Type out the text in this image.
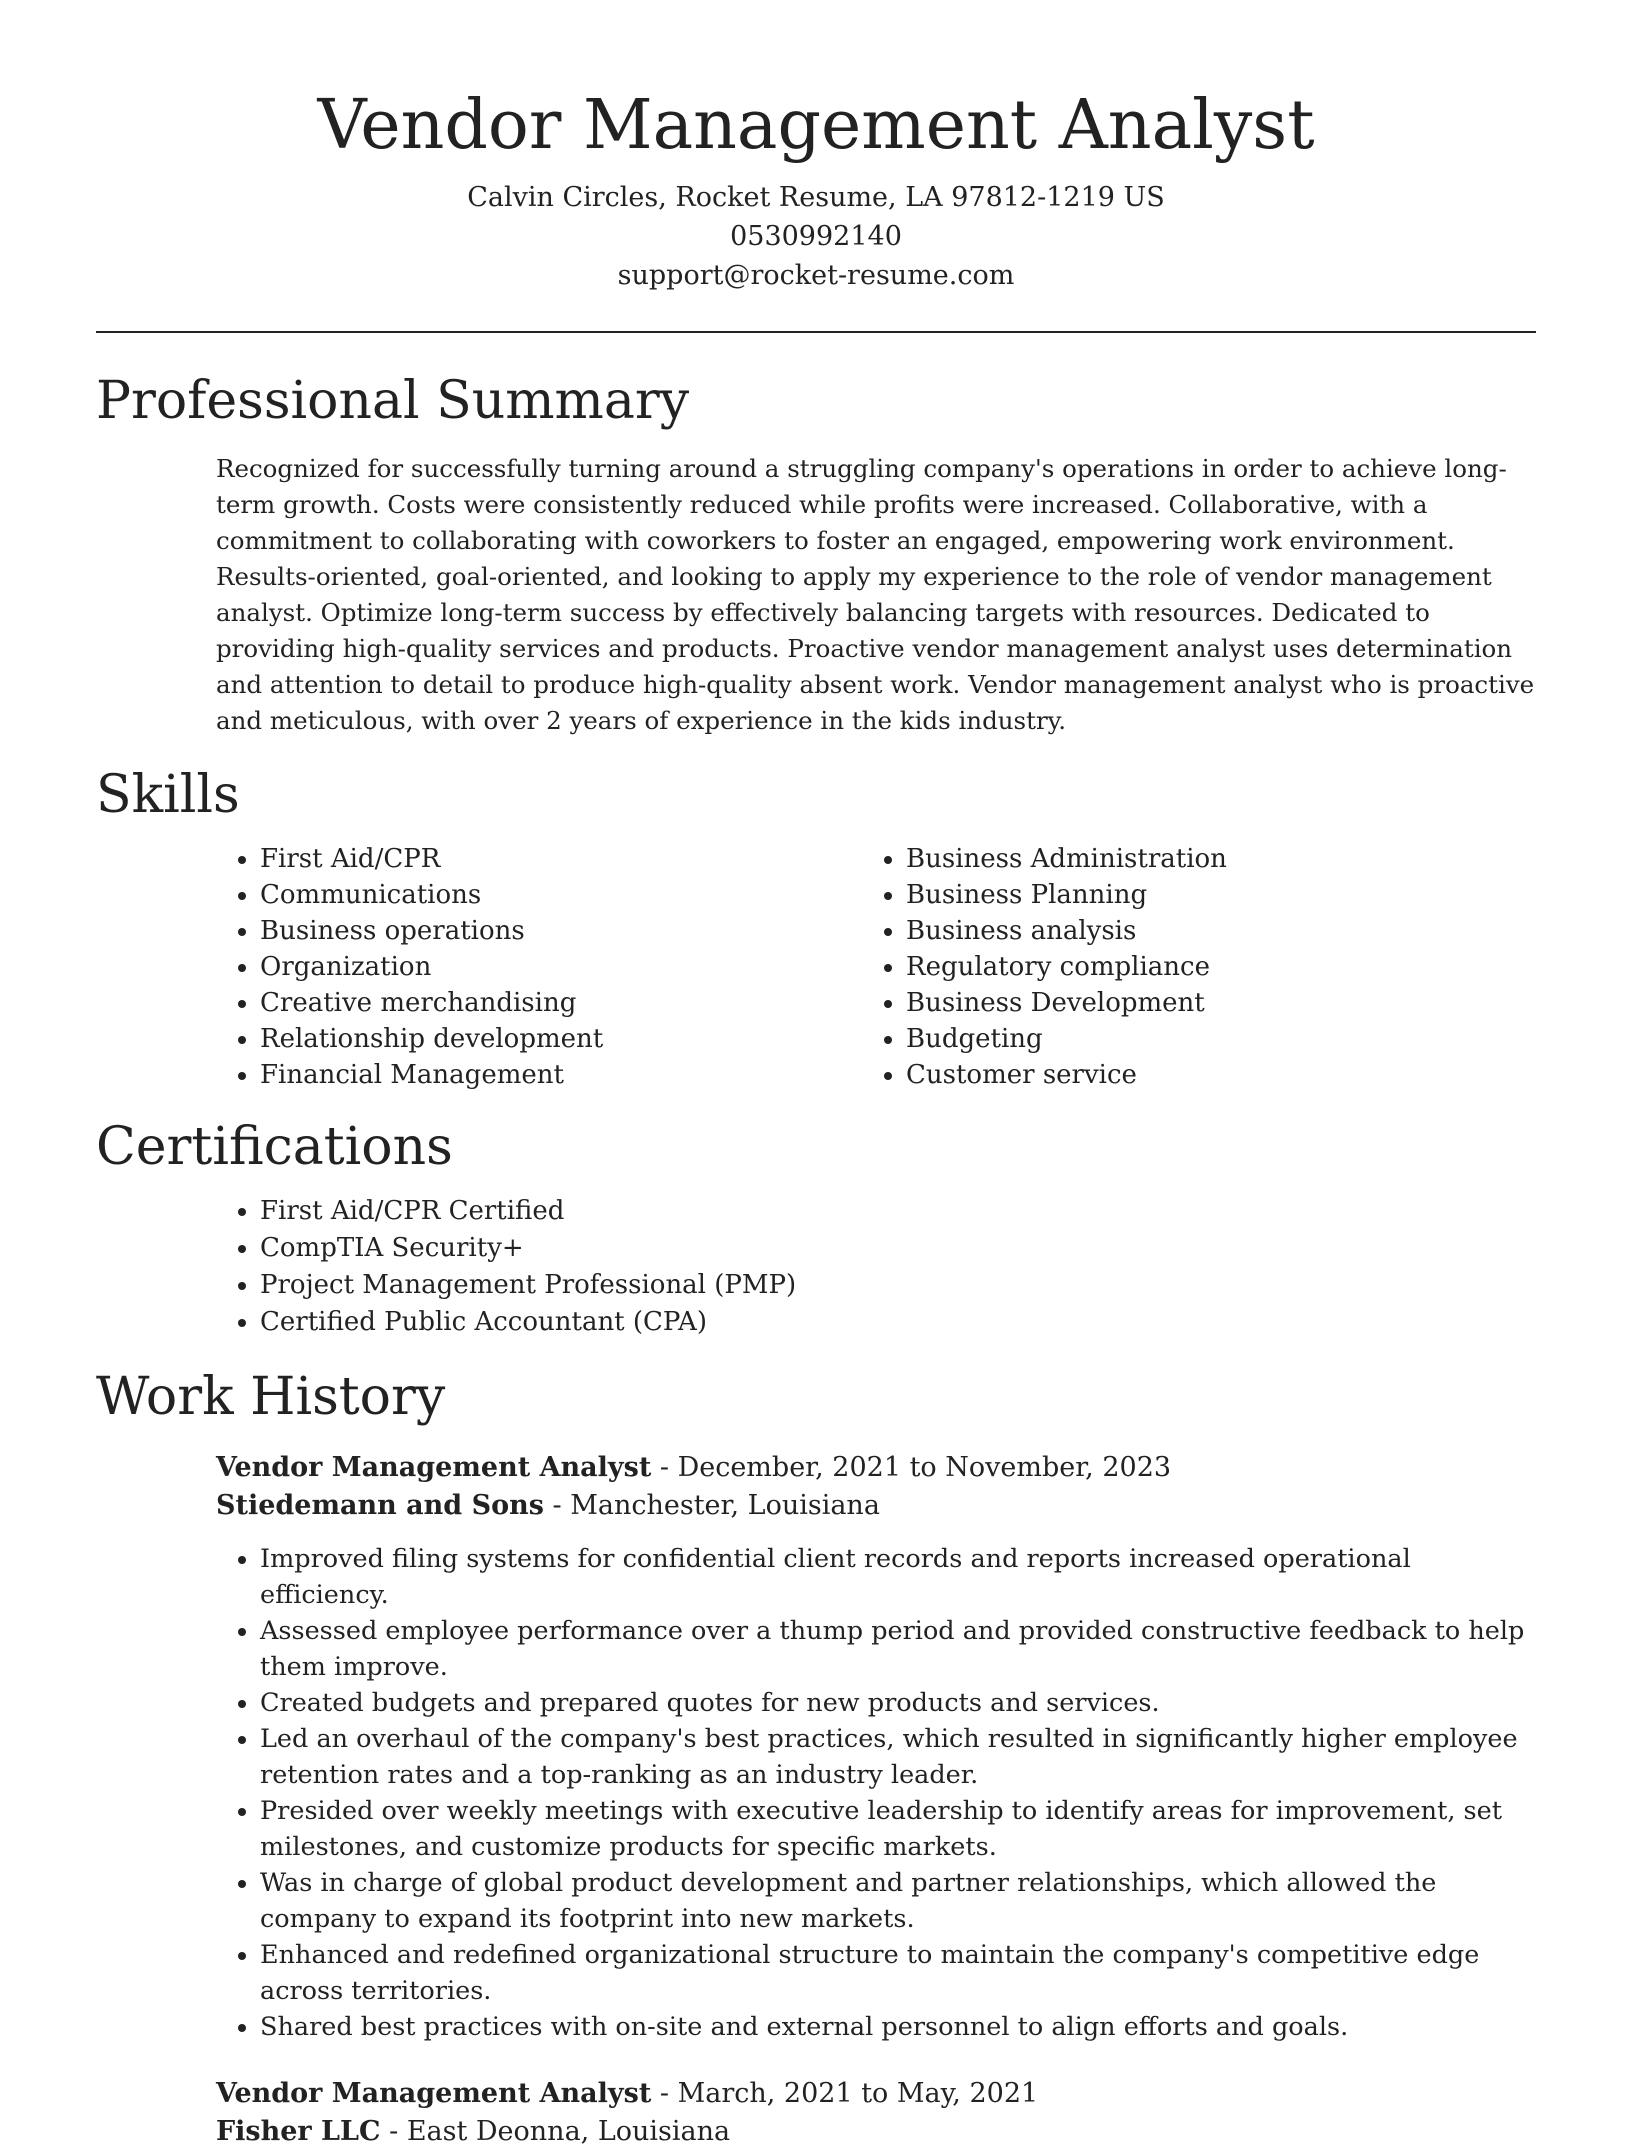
Vendor Management Analyst

Calvin Circles, Rocket Resume, LA 97812-1219 US

0530992140

support@rocket-resume.com

Professional Summary

Recognized for successfully turning around a struggling company's operations in order to achieve long-term growth. Costs were consistently reduced while profits were increased. Collaborative, with a commitment to collaborating with coworkers to foster an engaged, empowering work environment. Results-oriented, goal-oriented, and looking to apply my experience to the role of vendor management analyst. Optimize long-term success by effectively balancing targets with resources. Dedicated to providing high-quality services and products. Proactive vendor management analyst uses determination and attention to detail to produce high-quality absent work. Vendor management analyst who is proactive and meticulous, with over 2 years of experience in the kids industry.

Skills
• First Aid/CPR
• Communications
• Business operations
• Organization
• Creative merchandising
• Relationship development
• Financial Management
• Business Administration
• Business Planning
• Business analysis
• Regulatory compliance
• Business Development
• Budgeting
• Customer service
Certifications
• First Aid/CPR Certified
• CompTIA Security+
• Project Management Professional (PMP)
• Certified Public Accountant (CPA)
Work History

Vendor Management Analyst - December, 2021 to November, 2023

Stiedemann and Sons - Manchester, Louisiana

• Improved filing systems for confidential client records and reports increased operational efficiency.
• Assessed employee performance over a thump period and provided constructive feedback to help them improve.
• Created budgets and prepared quotes for new products and services.
• Led an overhaul of the company's best practices, which resulted in significantly higher employee retention rates and a top-ranking as an industry leader.
• Presided over weekly meetings with executive leadership to identify areas for improvement, set milestones, and customize products for specific markets.
• Was in charge of global product development and partner relationships, which allowed the company to expand its footprint into new markets.
• Enhanced and redefined organizational structure to maintain the company's competitive edge across territories.
• Shared best practices with on-site and external personnel to align efforts and goals.

Vendor Management Analyst - March, 2021 to May, 2021

Fisher LLC - East Deonna, Louisiana
